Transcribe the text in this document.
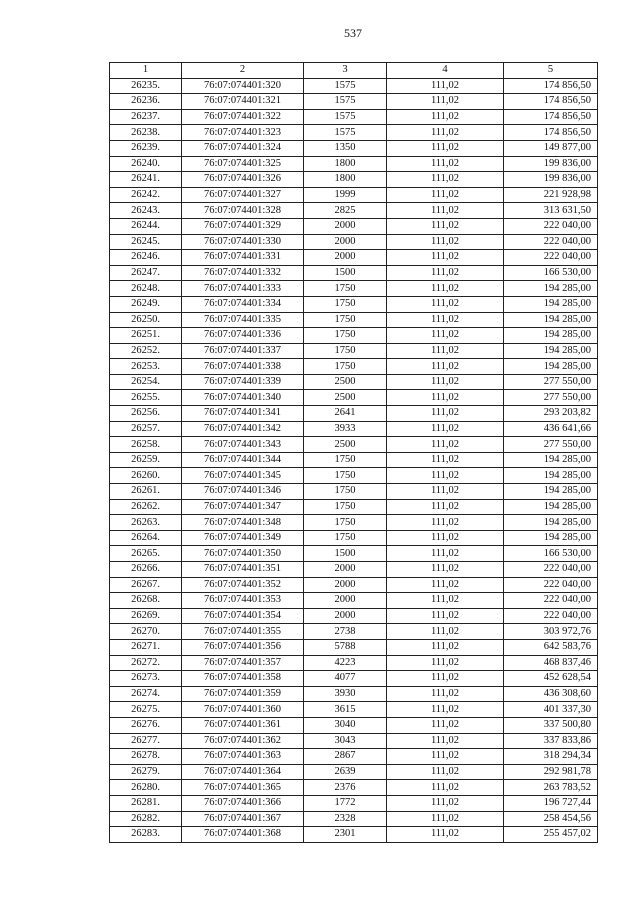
537
1	2	3	4	5
26235.	76:07:074401:320	1575	111,02	174 856,50
26236.	76:07:074401:321	1575	111,02	174 856,50
26237.	76:07:074401:322	1575	111,02	174 856,50
26238.	76:07:074401:323	1575	111,02	174 856,50
26239.	76:07:074401:324	1350	111,02	149 877,00
26240.	76:07:074401:325	1800	111,02	199 836,00
26241.	76:07:074401:326	1800	111,02	199 836,00
26242.	76:07:074401:327	1999	111,02	221 928,98
26243.	76:07:074401:328	2825	111,02	313 631,50
26244.	76:07:074401:329	2000	111,02	222 040,00
26245.	76:07:074401:330	2000	111,02	222 040,00
26246.	76:07:074401:331	2000	111,02	222 040,00
26247.	76:07:074401:332	1500	111,02	166 530,00
26248.	76:07:074401:333	1750	111,02	194 285,00
26249.	76:07:074401:334	1750	111,02	194 285,00
26250.	76:07:074401:335	1750	111,02	194 285,00
26251.	76:07:074401:336	1750	111,02	194 285,00
26252.	76:07:074401:337	1750	111,02	194 285,00
26253.	76:07:074401:338	1750	111,02	194 285,00
26254.	76:07:074401:339	2500	111,02	277 550,00
26255.	76:07:074401:340	2500	111,02	277 550,00
26256.	76:07:074401:341	2641	111,02	293 203,82
26257.	76:07:074401:342	3933	111,02	436 641,66
26258.	76:07:074401:343	2500	111,02	277 550,00
26259.	76:07:074401:344	1750	111,02	194 285,00
26260.	76:07:074401:345	1750	111,02	194 285,00
26261.	76:07:074401:346	1750	111,02	194 285,00
26262.	76:07:074401:347	1750	111,02	194 285,00
26263.	76:07:074401:348	1750	111,02	194 285,00
26264.	76:07:074401:349	1750	111,02	194 285,00
26265.	76:07:074401:350	1500	111,02	166 530,00
26266.	76:07:074401:351	2000	111,02	222 040,00
26267.	76:07:074401:352	2000	111,02	222 040,00
26268.	76:07:074401:353	2000	111,02	222 040,00
26269.	76:07:074401:354	2000	111,02	222 040,00
26270.	76:07:074401:355	2738	111,02	303 972,76
26271.	76:07:074401:356	5788	111,02	642 583,76
26272.	76:07:074401:357	4223	111,02	468 837,46
26273.	76:07:074401:358	4077	111,02	452 628,54
26274.	76:07:074401:359	3930	111,02	436 308,60
26275.	76:07:074401:360	3615	111,02	401 337,30
26276.	76:07:074401:361	3040	111,02	337 500,80
26277.	76:07:074401:362	3043	111,02	337 833,86
26278.	76:07:074401:363	2867	111,02	318 294,34
26279.	76:07:074401:364	2639	111,02	292 981,78
26280.	76:07:074401:365	2376	111,02	263 783,52
26281.	76:07:074401:366	1772	111,02	196 727,44
26282.	76:07:074401:367	2328	111,02	258 454,56
26283.	76:07:074401:368	2301	111,02	255 457,02
